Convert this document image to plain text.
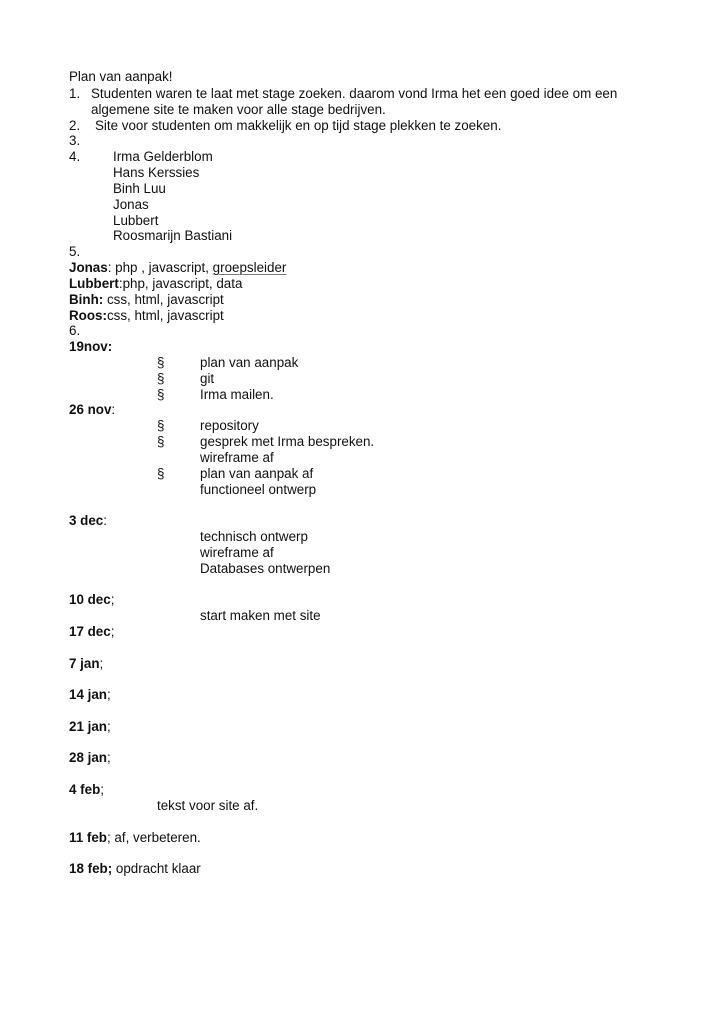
Plan van aanpak!
1. Studenten waren te laat met stage zoeken. daarom vond Irma het een goed idee om een
algemene site te maken voor alle stage bedrijven.
2. Site voor studenten om makkelijk en op tijd stage plekken te zoeken.
3.
4. Irma Gelderblom
Hans Kerssies
Binh Luu
Jonas
Lubbert
Roosmarijn Bastiani
5.
Jonas: php , javascript, groepsleider
Lubbert:php, javascript, data
Binh: css, html, javascript
Roos:css, html, javascript
6.
19nov:
§	plan van aanpak
§	git
§	Irma mailen.
26 nov:
§	repository
§	gesprek met Irma bespreken.
wireframe af
§	plan van aanpak af
functioneel ontwerp
3 dec:
technisch ontwerp
wireframe af
Databases ontwerpen
10 dec;
start maken met site
17 dec;
7 jan;
14 jan;
21 jan;
28 jan;
4 feb;
tekst voor site af.
11 feb; af, verbeteren.
18 feb; opdracht klaar
